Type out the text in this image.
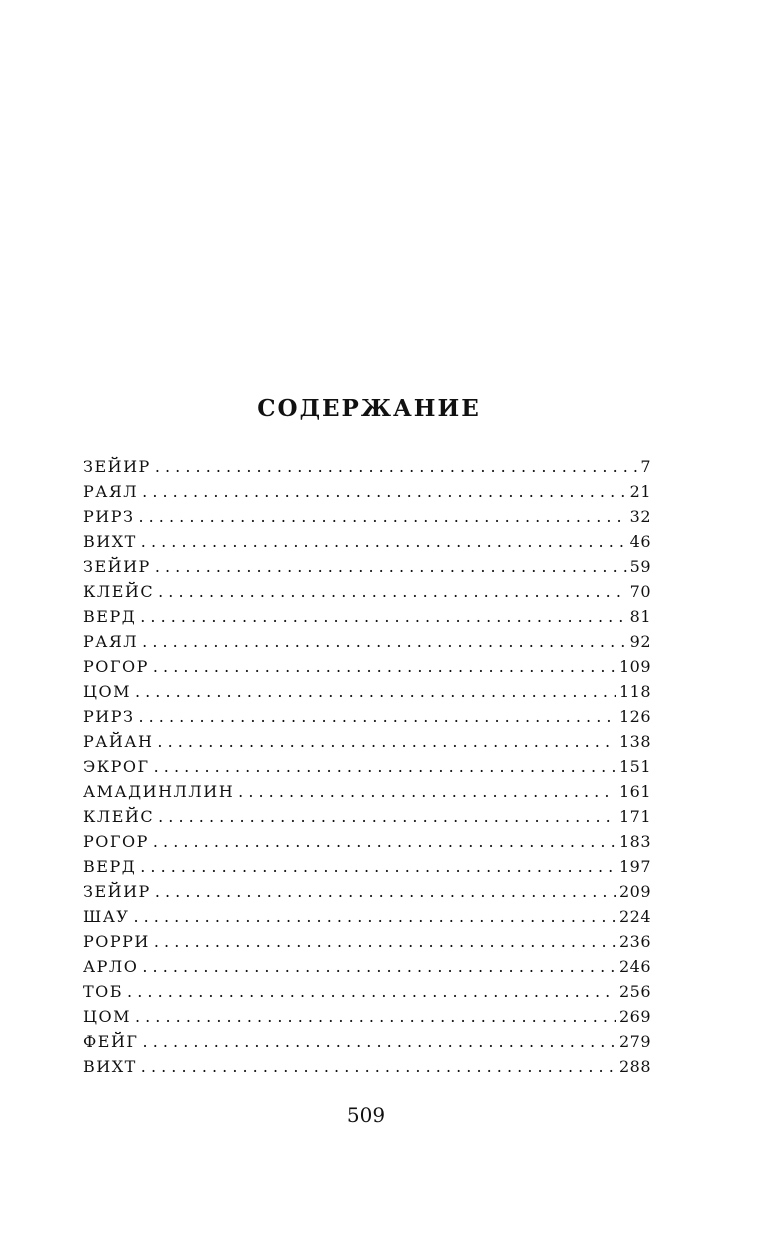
СОДЕРЖАНИЕ
ЗЕЙИР . . .	7
РАЯЛ . . .	21
РИРЗ . . .	32
ВИХТ . . .	46
ЗЕЙИР . . .	59
КЛЕЙС . . .	70
ВЕРД . . .	81
РАЯЛ . . .	92
РОГОР . . .	109
ЦОМ . . .	118
РИРЗ . . .	126
РАЙАН . . .	138
ЭКРОГ . . .	151
АМАДИНЛЛИН . . .	161
КЛЕЙС . . .	171
РОГОР . . .	183
ВЕРД . . .	197
ЗЕЙИР . . .	209
ШАУ . . .	224
РОРРИ . . .	236
АРЛО . . .	246
ТОБ . . .	256
ЦОМ . . .	269
ФЕЙГ . . .	279
ВИХТ . . .	288
509
